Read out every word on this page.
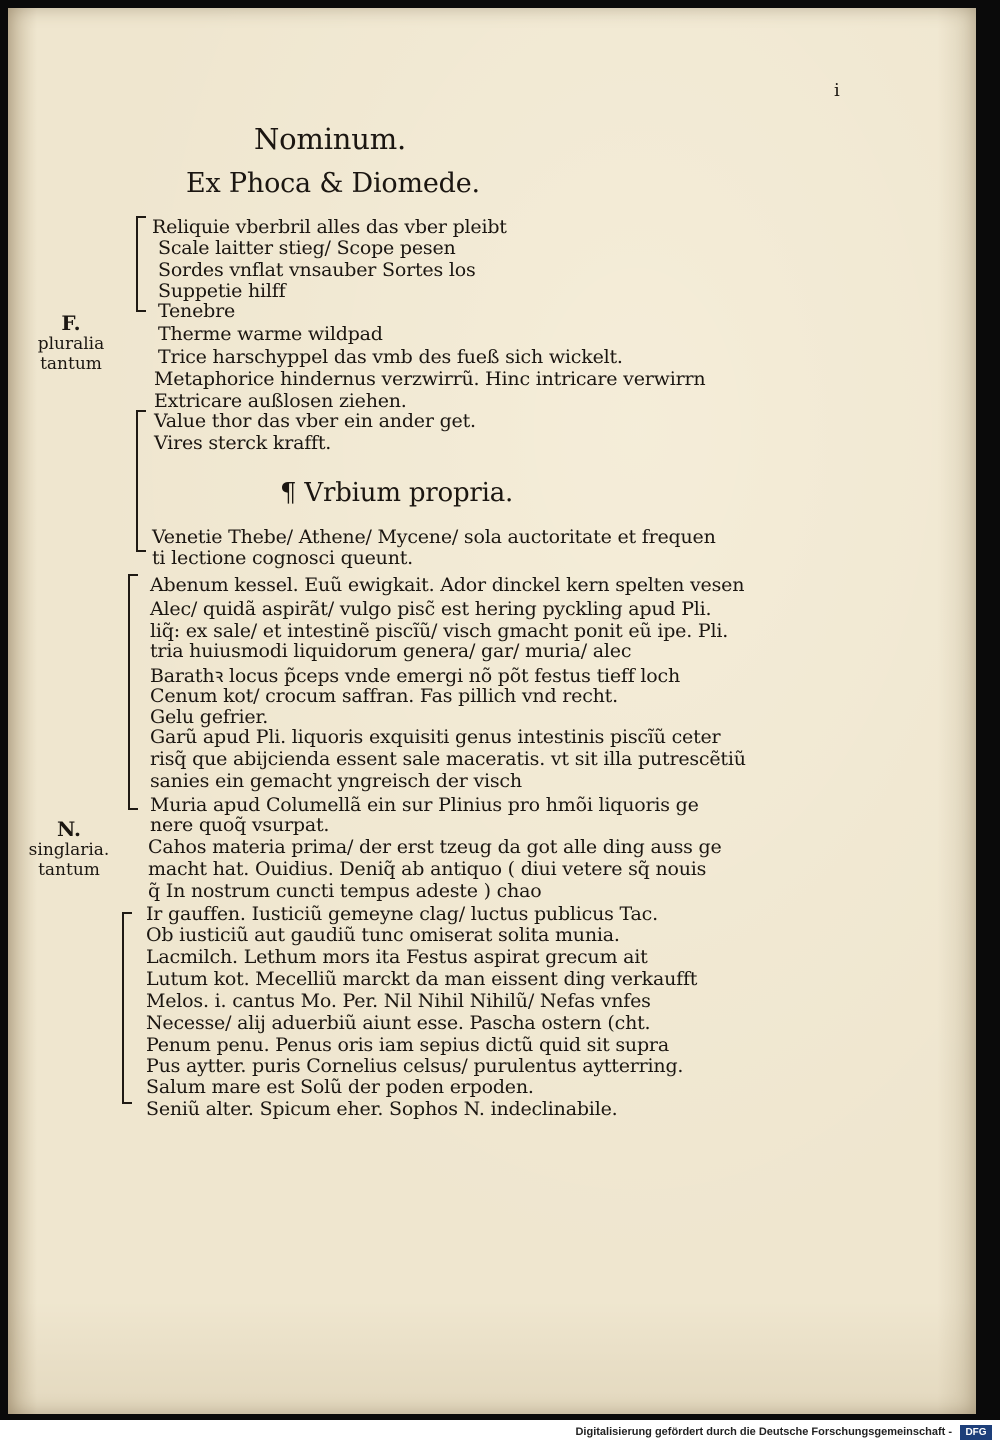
i
Nominum.
Ex Phoca & Diomede.
F.
pluralia
tantum
N.
singlaria.
tantum
¶ Vrbium propria.
Reliquie vberbril alles das vber pleibt
Scale laitter stieg/ Scope pesen
Sordes vnflat vnsauber Sortes los
Suppetie hilff
Tenebre
Therme warme wildpad
Trice harschyppel das vmb des fueß sich wickelt.
Metaphorice hindernus verzwirrũ. Hinc intricare verwirrn
Extricare außlosen ziehen.
Value thor das vber ein ander get.
Vires sterck krafft.
Venetie Thebe/ Athene/ Mycene/ sola auctoritate et frequen
ti lectione cognosci queunt.
Abenum kessel. Euũ ewigkait. Ador dinckel kern spelten vesen
Alec/ quidã aspirãt/ vulgo pisc̃ est hering pyckling apud Pli.
liq̃: ex sale/ et intestinẽ piscĩũ/ visch gmacht ponit eũ ipe. Pli.
tria huiusmodi liquidorum genera/ gar/ muria/ alec
Barathꝛ locus p̃ceps vnde emergi nõ põt festus tieff loch
Cenum kot/ crocum saffran. Fas pillich vnd recht.
Gelu gefrier.
Garũ apud Pli. liquoris exquisiti genus intestinis piscĩũ ceter
risq̃ que abijcienda essent sale maceratis. vt sit illa putrescẽtiũ
sanies ein gemacht yngreisch der visch
Muria apud Columellã ein sur Plinius pro hmõi liquoris ge
nere quoq̃ vsurpat.
Cahos materia prima/ der erst tzeug da got alle ding auss ge
macht hat. Ouidius. Deniq̃ ab antiquo ( diui vetere sq̃ nouis
q̃ In nostrum cuncti tempus adeste ) chao
Ir gauffen. Iusticiũ gemeyne clag/ luctus publicus Tac.
Ob iusticiũ aut gaudiũ tunc omiserat solita munia.
Lacmilch. Lethum mors ita Festus aspirat grecum ait
Lutum kot. Mecelliũ marckt da man eissent ding verkaufft
Melos. i. cantus Mo. Per. Nil Nihil Nihilũ/ Nefas vnfes
Necesse/ alij aduerbiũ aiunt esse. Pascha ostern (cht.
Penum penu. Penus oris iam sepius dictũ quid sit supra
Pus aytter. puris Cornelius celsus/ purulentus aytterring.
Salum mare est Solũ der poden erpoden.
Seniũ alter. Spicum eher. Sophos N. indeclinabile.
Digitalisierung gefördert durch die Deutsche Forschungsgemeinschaft -	DFG
